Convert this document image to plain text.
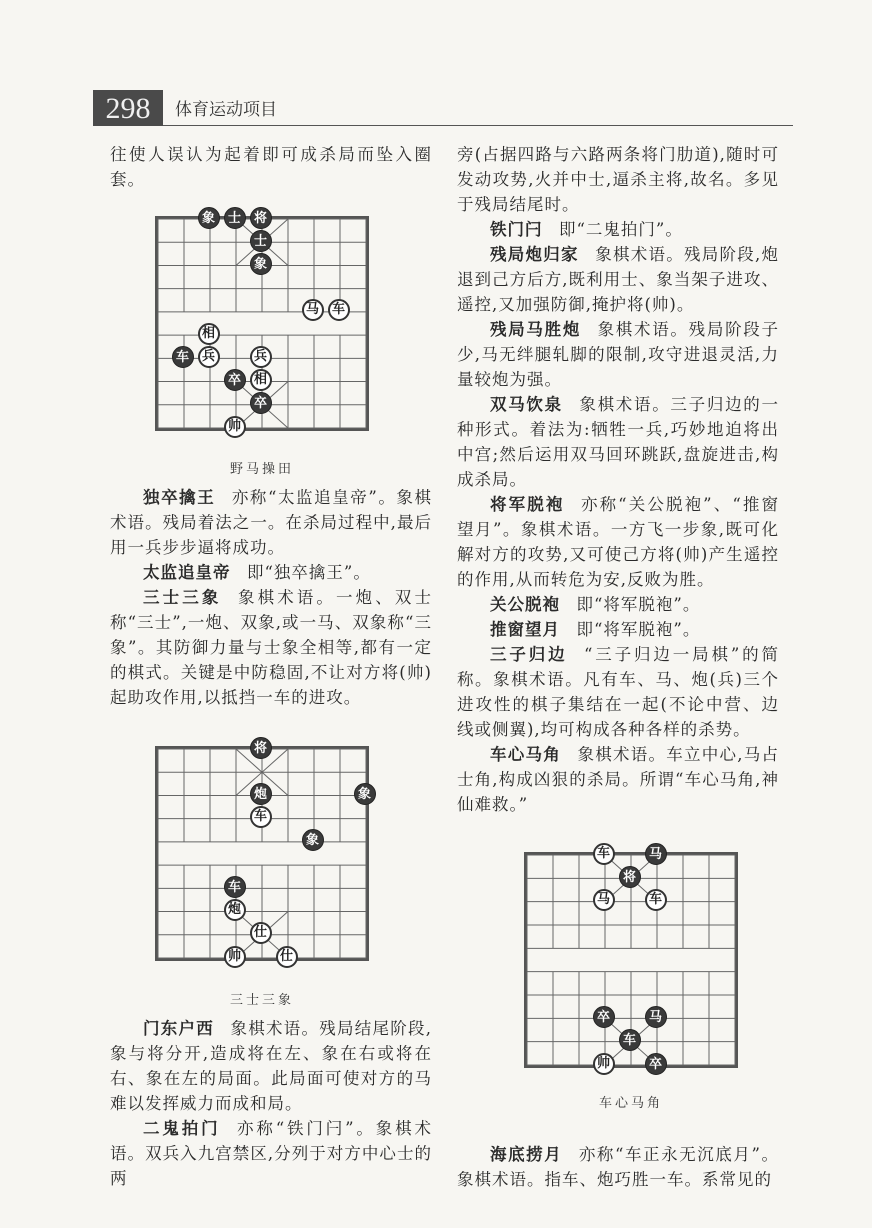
298	体育运动项目

往使人误认为起着即可成杀局而坠入圈套。

象 士 将
士
象
马 车
相
车 兵	兵
卒 相
卒
帅
野马操田

独卒擒王 亦称“太监追皇帝”。象棋术语。残局着法之一。在杀局过程中,最后用一兵步步逼将成功。

太监追皇帝 即“独卒擒王”。

三士三象 象棋术语。一炮、双士称“三士”,一炮、双象,或一马、双象称“三象”。其防御力量与士象全相等,都有一定的棋式。关键是中防稳固,不让对方将(帅)起助攻作用,以抵挡一车的进攻。

将
炮	象
车
象
车
炮
仕
帅	仕
三士三象

门东户西 象棋术语。残局结尾阶段,象与将分开,造成将在左、象在右或将在右、象在左的局面。此局面可使对方的马难以发挥威力而成和局。

二鬼拍门 亦称“铁门闩”。象棋术语。双兵入九宫禁区,分列于对方中心士的两

旁(占据四路与六路两条将门肋道),随时可发动攻势,火并中士,逼杀主将,故名。多见于残局结尾时。

铁门闩 即“二鬼拍门”。

残局炮归家 象棋术语。残局阶段,炮退到己方后方,既利用士、象当架子进攻、遥控,又加强防御,掩护将(帅)。

残局马胜炮 象棋术语。残局阶段子少,马无绊腿轧脚的限制,攻守进退灵活,力量较炮为强。

双马饮泉 象棋术语。三子归边的一种形式。着法为:牺牲一兵,巧妙地迫将出中宫;然后运用双马回环跳跃,盘旋进击,构成杀局。

将军脱袍 亦称“关公脱袍”、“推窗望月”。象棋术语。一方飞一步象,既可化解对方的攻势,又可使己方将(帅)产生遥控的作用,从而转危为安,反败为胜。

关公脱袍 即“将军脱袍”。

推窗望月 即“将军脱袍”。

三子归边 “三子归边一局棋”的简称。象棋术语。凡有车、马、炮(兵)三个进攻性的棋子集结在一起(不论中营、边线或侧翼),均可构成各种各样的杀势。

车心马角 象棋术语。车立中心,马占士角,构成凶狠的杀局。所谓“车心马角,神仙难救。”

车	马
将
马	车
卒	马
车
帅	卒
车心马角

海底捞月 亦称“车正永无沉底月”。象棋术语。指车、炮巧胜一车。系常见的
